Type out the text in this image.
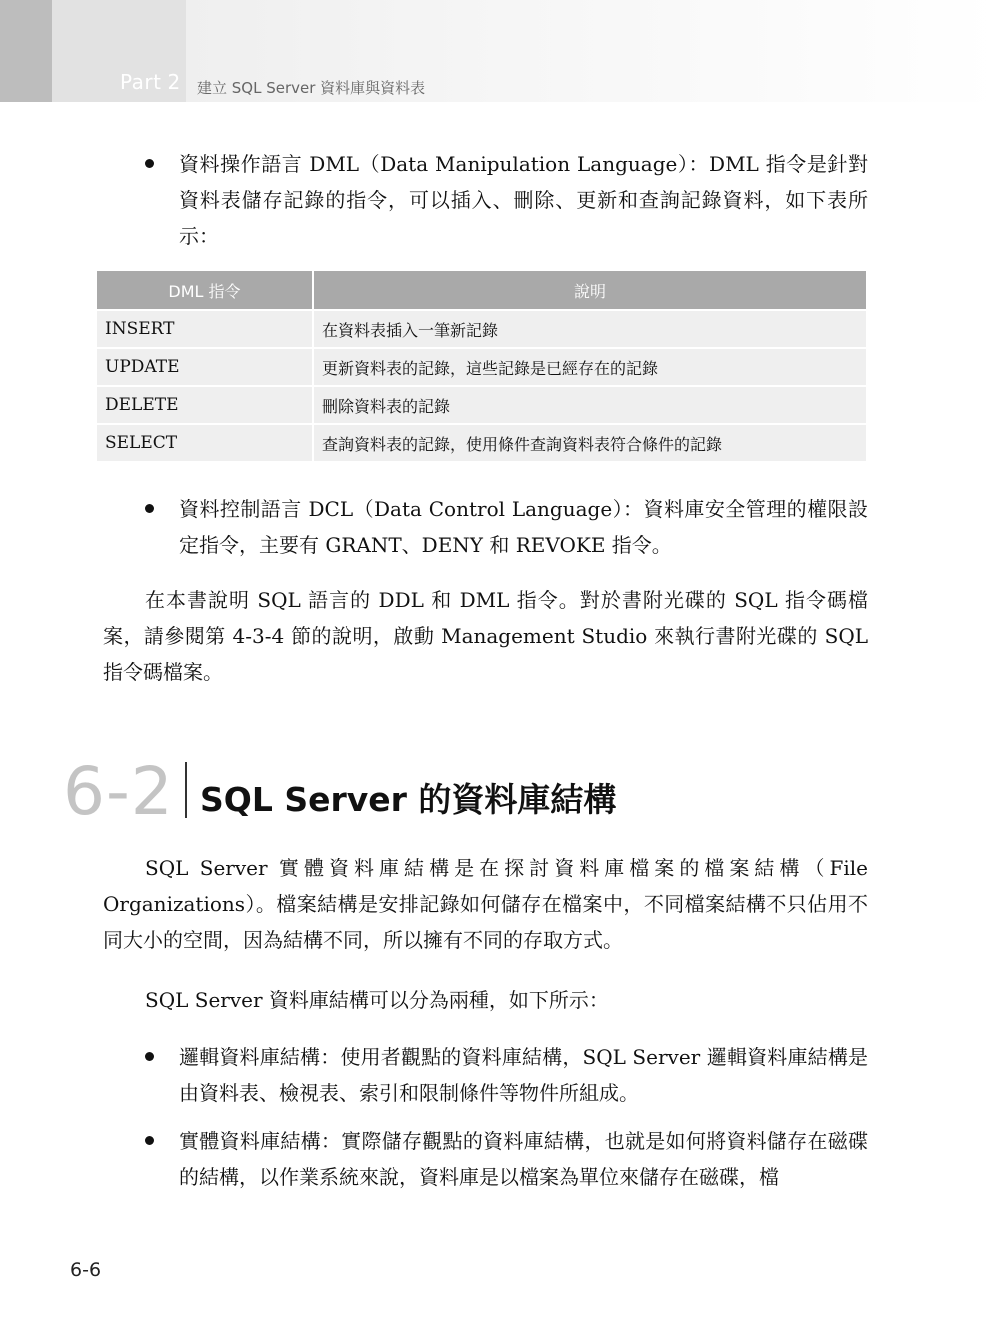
Part 2 建立 SQL Server 資料庫與資料表

資料操作語言 DML（Data Manipulation Language）：DML 指令是針對資料表儲存記錄的指令，可以插入、刪除、更新和查詢記錄資料，如下表所示：

DML 指令	說明
INSERT	在資料表插入一筆新記錄
UPDATE	更新資料表的記錄，這些記錄是已經存在的記錄
DELETE	刪除資料表的記錄
SELECT	查詢資料表的記錄，使用條件查詢資料表符合條件的記錄

資料控制語言 DCL（Data Control Language）：資料庫安全管理的權限設定指令，主要有 GRANT、DENY 和 REVOKE 指令。

在本書說明 SQL 語言的 DDL 和 DML 指令。對於書附光碟的 SQL 指令碼檔案，請參閱第 4-3-4 節的說明，啟動 Management Studio 來執行書附光碟的 SQL 指令碼檔案。

6-2 SQL Server 的資料庫結構

SQL Server 實體資料庫結構是在探討資料庫檔案的檔案結構（File Organizations）。檔案結構是安排記錄如何儲存在檔案中，不同檔案結構不只佔用不同大小的空間，因為結構不同，所以擁有不同的存取方式。

SQL Server 資料庫結構可以分為兩種，如下所示：

邏輯資料庫結構：使用者觀點的資料庫結構，SQL Server 邏輯資料庫結構是由資料表、檢視表、索引和限制條件等物件所組成。

實體資料庫結構：實際儲存觀點的資料庫結構，也就是如何將資料儲存在磁碟的結構，以作業系統來說，資料庫是以檔案為單位來儲存在磁碟，檔

6-6
